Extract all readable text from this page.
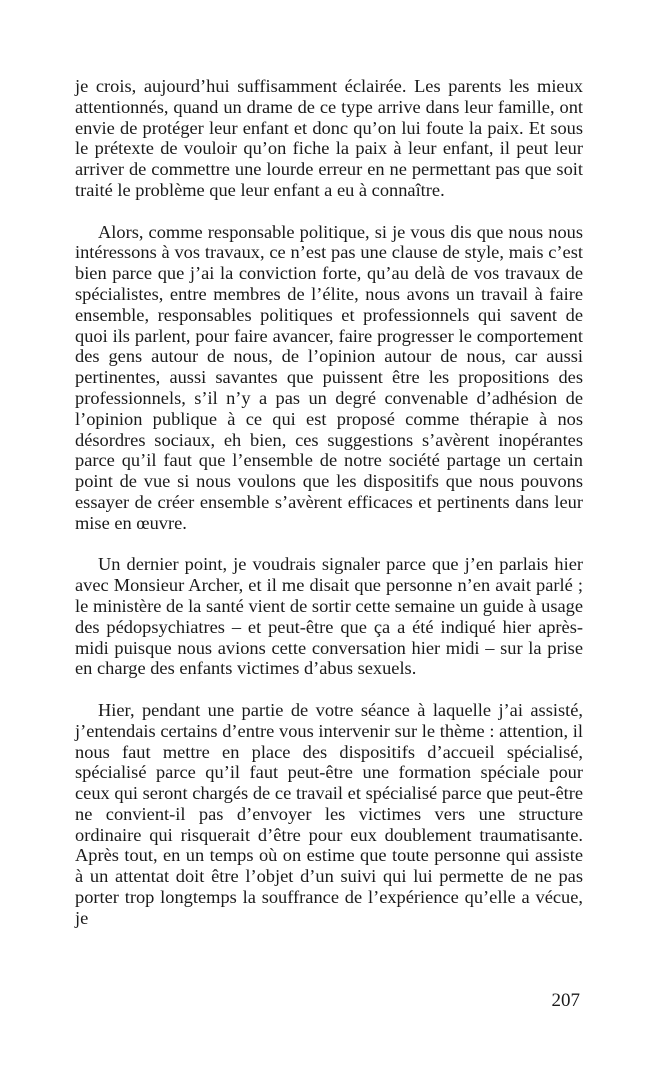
je crois, aujourd’hui suffisamment éclairée. Les parents les mieux attentionnés, quand un drame de ce type arrive dans leur famille, ont envie de protéger leur enfant et donc qu’on lui foute la paix. Et sous le prétexte de vouloir qu’on fiche la paix à leur enfant, il peut leur arriver de commettre une lourde erreur en ne permettant pas que soit traité le problème que leur enfant a eu à connaître.

Alors, comme responsable politique, si je vous dis que nous nous intéressons à vos travaux, ce n’est pas une clause de style, mais c’est bien parce que j’ai la conviction forte, qu’au delà de vos travaux de spécialistes, entre membres de l’élite, nous avons un travail à faire ensemble, responsables politiques et professionnels qui savent de quoi ils parlent, pour faire avancer, faire progresser le comportement des gens autour de nous, de l’opinion autour de nous, car aussi pertinentes, aussi savantes que puissent être les propositions des professionnels, s’il n’y a pas un degré convenable d’adhésion de l’opinion publique à ce qui est proposé comme thérapie à nos désordres sociaux, eh bien, ces suggestions s’avèrent inopérantes parce qu’il faut que l’ensemble de notre société partage un certain point de vue si nous voulons que les dispositifs que nous pouvons essayer de créer ensemble s’avèrent efficaces et pertinents dans leur mise en œuvre.

Un dernier point, je voudrais signaler parce que j’en parlais hier avec Monsieur Archer, et il me disait que personne n’en avait parlé ; le ministère de la santé vient de sortir cette semaine un guide à usage des pédopsychiatres – et peut-être que ça a été indiqué hier après-midi puisque nous avions cette conversation hier midi – sur la prise en charge des enfants victimes d’abus sexuels.

Hier, pendant une partie de votre séance à laquelle j’ai assisté, j’entendais certains d’entre vous intervenir sur le thème : attention, il nous faut mettre en place des dispositifs d’accueil spécialisé, spécialisé parce qu’il faut peut-être une formation spéciale pour ceux qui seront chargés de ce travail et spécialisé parce que peut-être ne convient-il pas d’envoyer les victimes vers une structure ordinaire qui risquerait d’être pour eux doublement traumatisante. Après tout, en un temps où on estime que toute personne qui assiste à un attentat doit être l’objet d’un suivi qui lui permette de ne pas porter trop longtemps la souffrance de l’expérience qu’elle a vécue, je

207
